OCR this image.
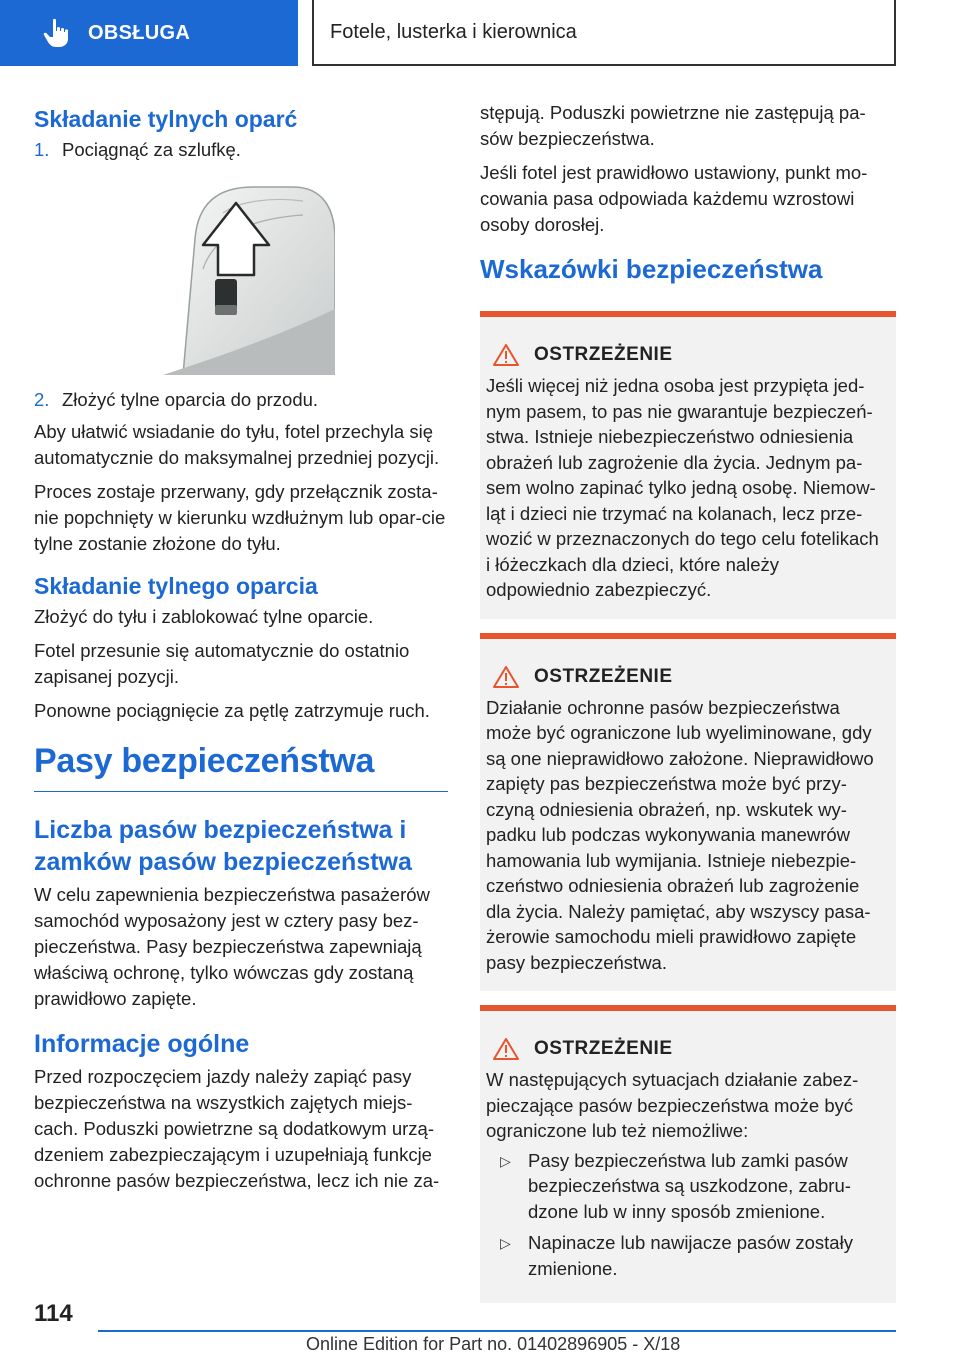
OBSŁUGA	Fotele, lusterka i kierownica
Składanie tylnych oparć
1. Pociągnąć za szlufkę.
2. Złożyć tylne oparcia do przodu.

Aby ułatwić wsiadanie do tyłu, fotel przechyla się automatycznie do maksymalnej przedniej pozycji.

Proces zostaje przerwany, gdy przełącznik zosta-nie popchnięty w kierunku wzdłużnym lub opar-cie tylne zostanie złożone do tyłu.

Składanie tylnego oparcia

Złożyć do tyłu i zablokować tylne oparcie.

Fotel przesunie się automatycznie do ostatnio zapisanej pozycji.

Ponowne pociągnięcie za pętlę zatrzymuje ruch.

Pasy bezpieczeństwa
Liczba pasów bezpieczeństwa i zamków pasów bezpieczeństwa

W celu zapewnienia bezpieczeństwa pasażerów samochód wyposażony jest w cztery pasy bez-pieczeństwa. Pasy bezpieczeństwa zapewniają właściwą ochronę, tylko wówczas gdy zostaną prawidłowo zapięte.

Informacje ogólne

Przed rozpoczęciem jazdy należy zapiąć pasy bezpieczeństwa na wszystkich zajętych miejs-cach. Poduszki powietrzne są dodatkowym urzą-dzeniem zabezpieczającym i uzupełniają funkcje ochronne pasów bezpieczeństwa, lecz ich nie za-

stępują. Poduszki powietrzne nie zastępują pa-sów bezpieczeństwa.

Jeśli fotel jest prawidłowo ustawiony, punkt mo-cowania pasa odpowiada każdemu wzrostowi osoby dorosłej.

Wskazówki bezpieczeństwa
OSTRZEŻENIE

Jeśli więcej niż jedna osoba jest przypięta jed-nym pasem, to pas nie gwarantuje bezpieczeń-stwa. Istnieje niebezpieczeństwo odniesienia obrażeń lub zagrożenie dla życia. Jednym pa-sem wolno zapinać tylko jedną osobę. Niemow-ląt i dzieci nie trzymać na kolanach, lecz prze-wozić w przeznaczonych do tego celu fotelikach i łóżeczkach dla dzieci, które należy odpowiednio zabezpieczyć.

OSTRZEŻENIE

Działanie ochronne pasów bezpieczeństwa może być ograniczone lub wyeliminowane, gdy są one nieprawidłowo założone. Nieprawidłowo zapięty pas bezpieczeństwa może być przy-czyną odniesienia obrażeń, np. wskutek wy-padku lub podczas wykonywania manewrów hamowania lub wymijania. Istnieje niebezpie-czeństwo odniesienia obrażeń lub zagrożenie dla życia. Należy pamiętać, aby wszyscy pasa-żerowie samochodu mieli prawidłowo zapięte pasy bezpieczeństwa.

OSTRZEŻENIE

W następujących sytuacjach działanie zabez-pieczające pasów bezpieczeństwa może być ograniczone lub też niemożliwe:

▷ Pasy bezpieczeństwa lub zamki pasów bezpieczeństwa są uszkodzone, zabru-dzone lub w inny sposób zmienione.
▷ Napinacze lub nawijacze pasów zostały zmienione.
114
Online Edition for Part no. 01402896905 - X/18
